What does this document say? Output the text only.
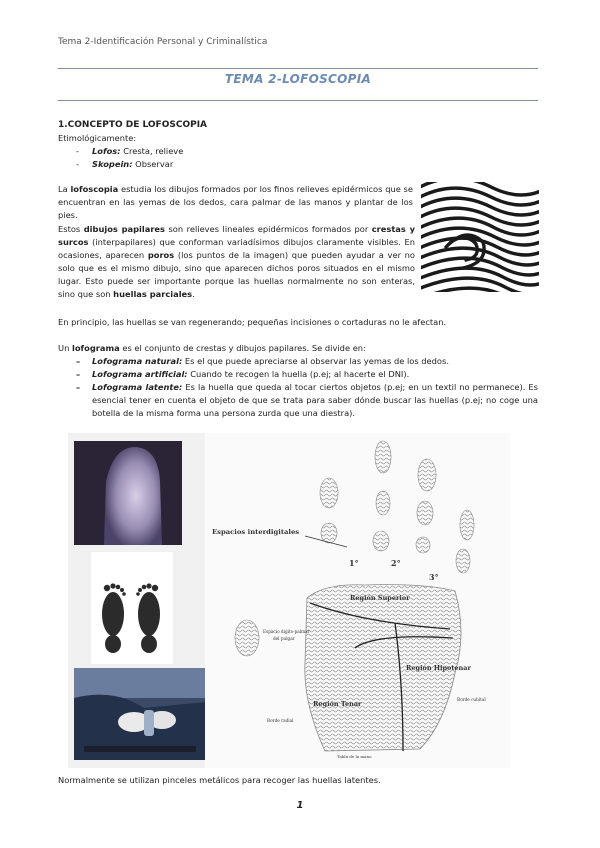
Tema 2-Identificación Personal y Criminalística
TEMA 2-LOFOSCOPIA
1.CONCEPTO DE LOFOSCOPIA
Etimológicamente:
- Lofos: Cresta, relieve
- Skopein: Observar
La lofoscopia estudia los dibujos formados por los finos relieves epidérmicos que se encuentran en las yemas de los dedos, cara palmar de las manos y plantar de los pies.
Estos dibujos papilares son relieves lineales epidérmicos formados por crestas y surcos (interpapilares) que conforman variadísimos dibujos claramente visibles. En ocasiones, aparecen poros (los puntos de la imagen) que pueden ayudar a ver no solo que es el mismo dibujo, sino que aparecen dichos poros situados en el mismo lugar. Esto puede ser importante porque las huellas normalmente no son enteras, sino que son huellas parciales.
En principio, las huellas se van regenerando; pequeñas incisiones o cortaduras no le afectan.
Un lofograma es el conjunto de crestas y dibujos papilares. Se divide en:
– Lofograma natural: Es el que puede apreciarse al observar las yemas de los dedos.
– Lofograma artificial: Cuando te recogen la huella (p.ej; al hacerte el DNI).
– Lofograma latente: Es la huella que queda al tocar ciertos objetos (p.ej; en un textil no permanece). Es esencial tener en cuenta el objeto de que se trata para saber dónde buscar las huellas (p.ej; no coge una botella de la misma forma una persona zurda que una diestra).
Espacios interdigitales
1°	2°
3°
Región Superior
Espacio digito-palmar
del pulgar
Región Hipotenar
Región Tenar
Borde cubital
Borde radial
Tabla de la mano
Normalmente se utilizan pinceles metálicos para recoger las huellas latentes.
1
